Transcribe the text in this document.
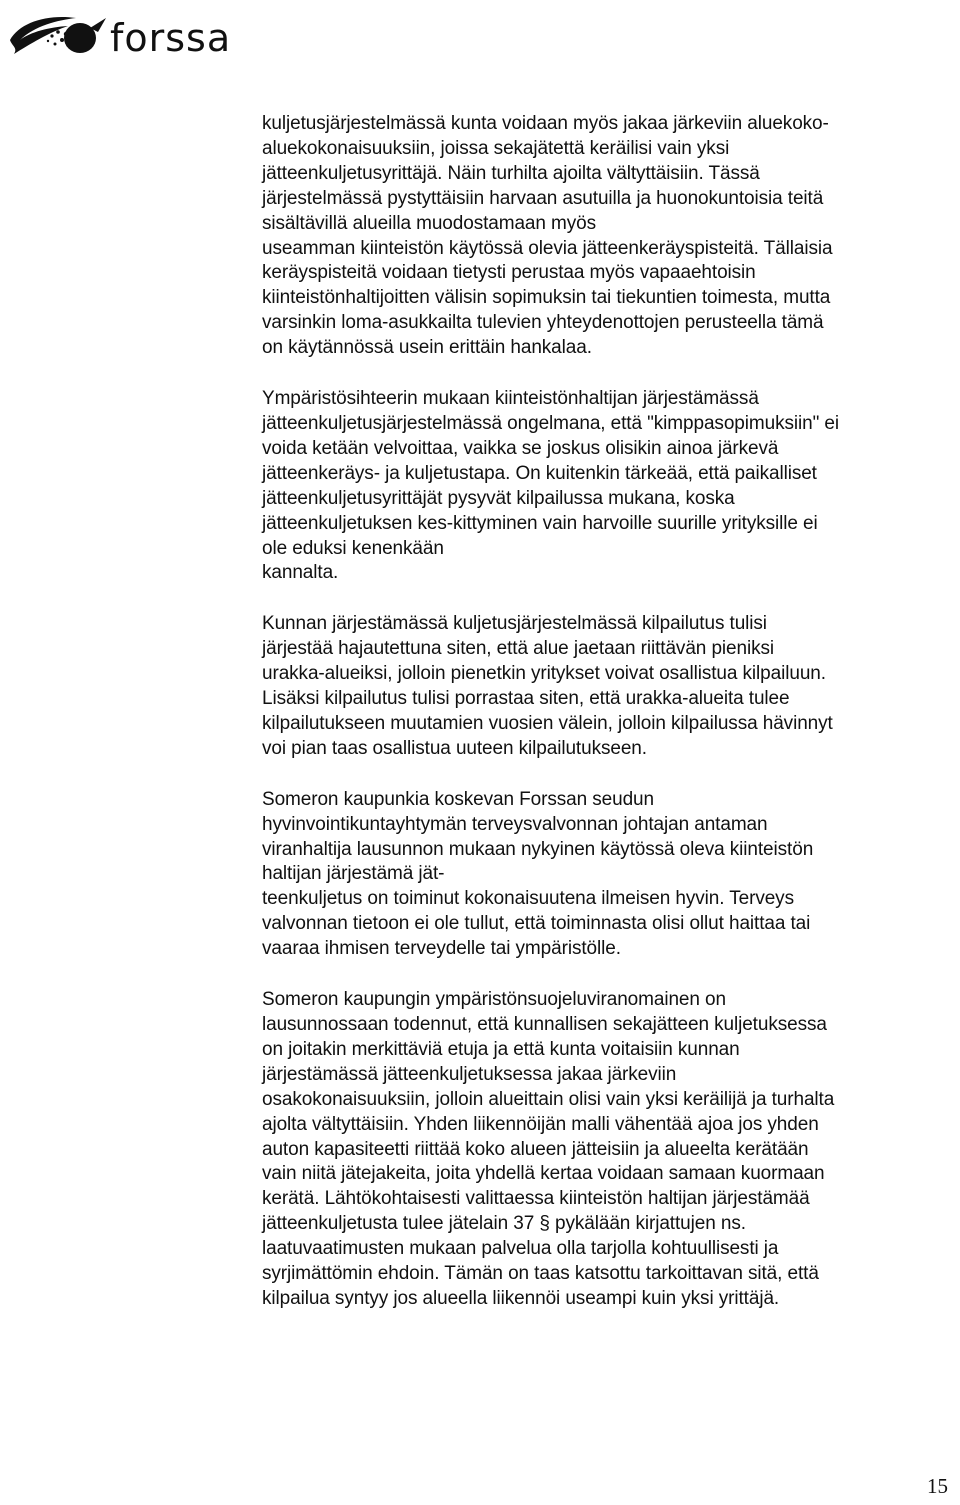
forssa

kuljetusjärjestelmässä kunta voidaan myös jakaa järkeviin aluekoko-
aluekokonaisuuksiin, joissa sekajätettä keräilisi vain yksi
jätteenkuljetusyrittäjä. Näin turhilta ajoilta vältyttäisiin. Tässä
järjestelmässä pystyttäisiin harvaan asutuilla ja huonokuntoisia teitä
sisältävillä alueilla muodostamaan myös
useamman kiinteistön käytössä olevia jätteenkeräyspisteitä. Tällaisia
keräyspisteitä voidaan tietysti perustaa myös vapaaehtoisin
kiinteistönhaltijoitten välisin sopimuksin tai tiekuntien toimesta, mutta
varsinkin loma-asukkailta tulevien yhteydenottojen perusteella tämä
on käytännössä usein erittäin hankalaa.

Ympäristösihteerin mukaan kiinteistönhaltijan järjestämässä
jätteenkuljetusjärjestelmässä ongelmana, että "kimppasopimuksiin" ei
voida ketään velvoittaa, vaikka se joskus olisikin ainoa järkevä
jätteenkeräys- ja kuljetustapa. On kuitenkin tärkeää, että paikalliset
jätteenkuljetusyrittäjät pysyvät kilpailussa mukana, koska
jätteenkuljetuksen kes-kittyminen vain harvoille suurille yrityksille ei
ole eduksi kenenkään
kannalta.

Kunnan järjestämässä kuljetusjärjestelmässä kilpailutus tulisi
järjestää hajautettuna siten, että alue jaetaan riittävän pieniksi
urakka-alueiksi, jolloin pienetkin yritykset voivat osallistua kilpailuun.
Lisäksi kilpailutus tulisi porrastaa siten, että urakka-alueita tulee
kilpailutukseen muutamien vuosien välein, jolloin kilpailussa hävinnyt
voi pian taas osallistua uuteen kilpailutukseen.

Someron kaupunkia koskevan Forssan seudun
hyvinvointikuntayhtymän terveysvalvonnan johtajan antaman
viranhaltija lausunnon mukaan nykyinen käytössä oleva kiinteistön
haltijan järjestämä jät-
teenkuljetus on toiminut kokonaisuutena ilmeisen hyvin. Terveys
valvonnan tietoon ei ole tullut, että toiminnasta olisi ollut haittaa tai
vaaraa ihmisen terveydelle tai ympäristölle.

Someron kaupungin ympäristönsuojeluviranomainen on
lausunnossaan todennut, että kunnallisen sekajätteen kuljetuksessa
on joitakin merkittäviä etuja ja että kunta voitaisiin kunnan
järjestämässä jätteenkuljetuksessa jakaa järkeviin
osakokonaisuuksiin, jolloin alueittain olisi vain yksi keräilijä ja turhalta
ajolta vältyttäisiin. Yhden liikennöijän malli vähentää ajoa jos yhden
auton kapasiteetti riittää koko alueen jätteisiin ja alueelta kerätään
vain niitä jätejakeita, joita yhdellä kertaa voidaan samaan kuormaan
kerätä. Lähtökohtaisesti valittaessa kiinteistön haltijan järjestämää
jätteenkuljetusta tulee jätelain 37 § pykälään kirjattujen ns.
laatuvaatimusten mukaan palvelua olla tarjolla kohtuullisesti ja
syrjimättömin ehdoin. Tämän on taas katsottu tarkoittavan sitä, että
kilpailua syntyy jos alueella liikennöi useampi kuin yksi yrittäjä.

15
